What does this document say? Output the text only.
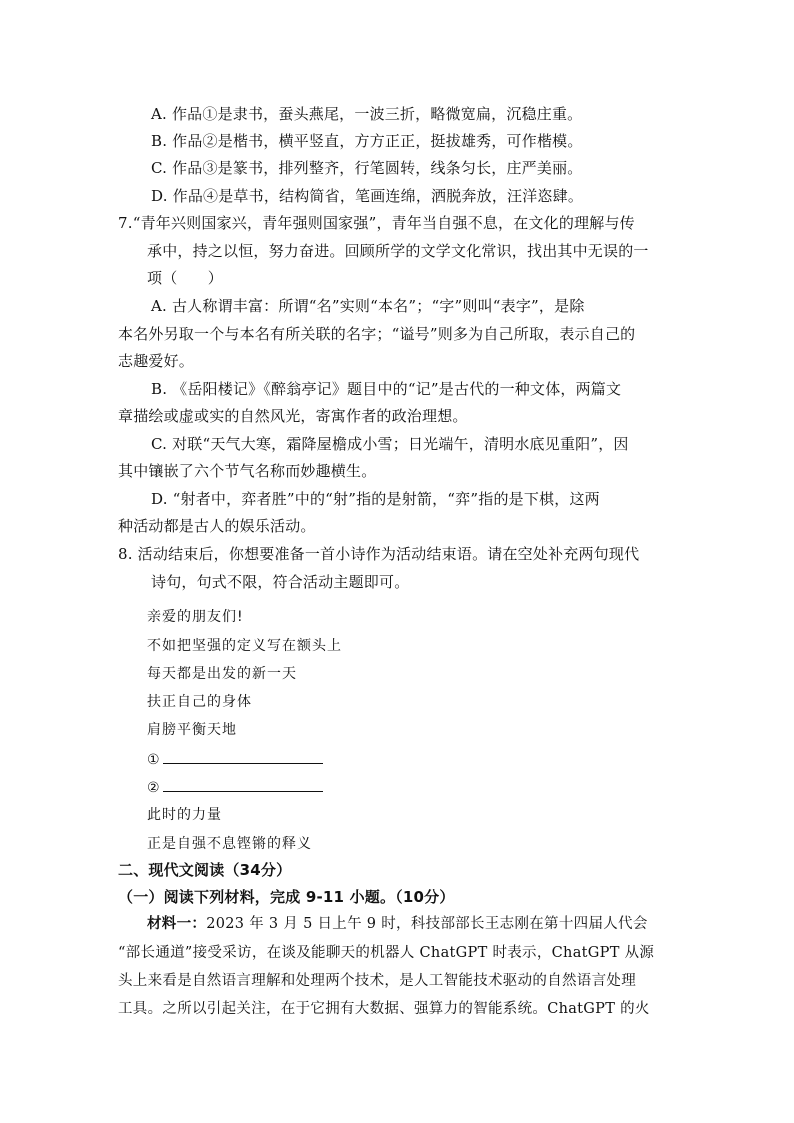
A. 作品①是隶书，蚕头燕尾，一波三折，略微宽扁，沉稳庄重。
B. 作品②是楷书，横平竖直，方方正正，挺拔雄秀，可作楷模。
C. 作品③是篆书，排列整齐，行笔圆转，线条匀长，庄严美丽。
D. 作品④是草书，结构简省，笔画连绵，洒脱奔放，汪洋恣肆。
7.“青年兴则国家兴，青年强则国家强”，青年当自强不息，在文化的理解与传
承中，持之以恒，努力奋进。回顾所学的文学文化常识，找出其中无误的一
项（　　）
A. 古人称谓丰富：所谓“名”实则“本名”；“字”则叫“表字”，是除
本名外另取一个与本名有所关联的名字；“谥号”则多为自己所取，表示自己的
志趣爱好。
B. 《岳阳楼记》《醉翁亭记》题目中的“记”是古代的一种文体，两篇文
章描绘或虚或实的自然风光，寄寓作者的政治理想。
C. 对联“天气大寒，霜降屋檐成小雪；日光端午，清明水底见重阳”，因
其中镶嵌了六个节气名称而妙趣横生。
D. “射者中，弈者胜”中的“射”指的是射箭，“弈”指的是下棋，这两
种活动都是古人的娱乐活动。
8. 活动结束后，你想要准备一首小诗作为活动结束语。请在空处补充两句现代
诗句，句式不限，符合活动主题即可。
亲爱的朋友们!
不如把坚强的定义写在额头上
每天都是出发的新一天
扶正自己的身体
肩膀平衡天地
①
②
此时的力量
正是自强不息铿锵的释义
二、现代文阅读（34分）
（一）阅读下列材料，完成 9-11 小题。（10分）
材料一：2023 年 3 月 5 日上午 9 时，科技部部长王志刚在第十四届人代会
“部长通道”接受采访，在谈及能聊天的机器人 ChatGPT 时表示，ChatGPT 从源
头上来看是自然语言理解和处理两个技术，是人工智能技术驱动的自然语言处理
工具。之所以引起关注，在于它拥有大数据、强算力的智能系统。ChatGPT 的火
